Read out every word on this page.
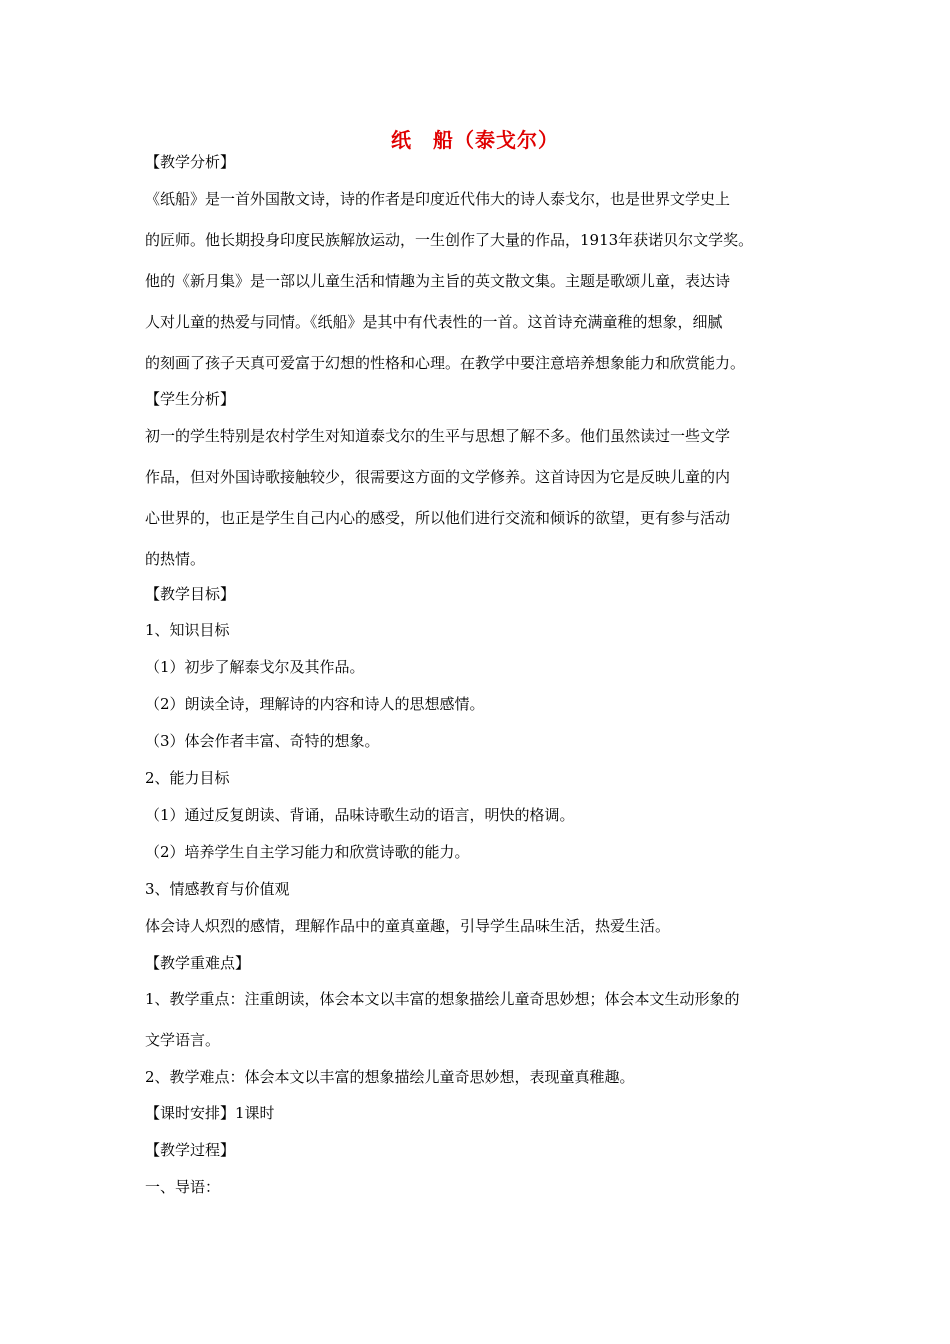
纸　船（泰戈尔）
【教学分析】
《纸船》是一首外国散文诗，诗的作者是印度近代伟大的诗人泰戈尔，也是世界文学史上
的匠师。他长期投身印度民族解放运动，一生创作了大量的作品，1913年获诺贝尔文学奖。
他的《新月集》是一部以儿童生活和情趣为主旨的英文散文集。主题是歌颂儿童，表达诗
人对儿童的热爱与同情。《纸船》是其中有代表性的一首。这首诗充满童稚的想象，细腻
的刻画了孩子天真可爱富于幻想的性格和心理。在教学中要注意培养想象能力和欣赏能力。
【学生分析】
初一的学生特别是农村学生对知道泰戈尔的生平与思想了解不多。他们虽然读过一些文学
作品，但对外国诗歌接触较少，很需要这方面的文学修养。这首诗因为它是反映儿童的内
心世界的，也正是学生自己内心的感受，所以他们进行交流和倾诉的欲望，更有参与活动
的热情。
【教学目标】
1、知识目标
（1）初步了解泰戈尔及其作品。
（2）朗读全诗，理解诗的内容和诗人的思想感情。
（3）体会作者丰富、奇特的想象。
2、能力目标
（1）通过反复朗读、背诵，品味诗歌生动的语言，明快的格调。
（2）培养学生自主学习能力和欣赏诗歌的能力。
3、情感教育与价值观
体会诗人炽烈的感情，理解作品中的童真童趣，引导学生品味生活，热爱生活。
【教学重难点】
1、教学重点：注重朗读，体会本文以丰富的想象描绘儿童奇思妙想；体会本文生动形象的
文学语言。
2、教学难点：体会本文以丰富的想象描绘儿童奇思妙想，表现童真稚趣。
【课时安排】1课时
【教学过程】
一、导语：
